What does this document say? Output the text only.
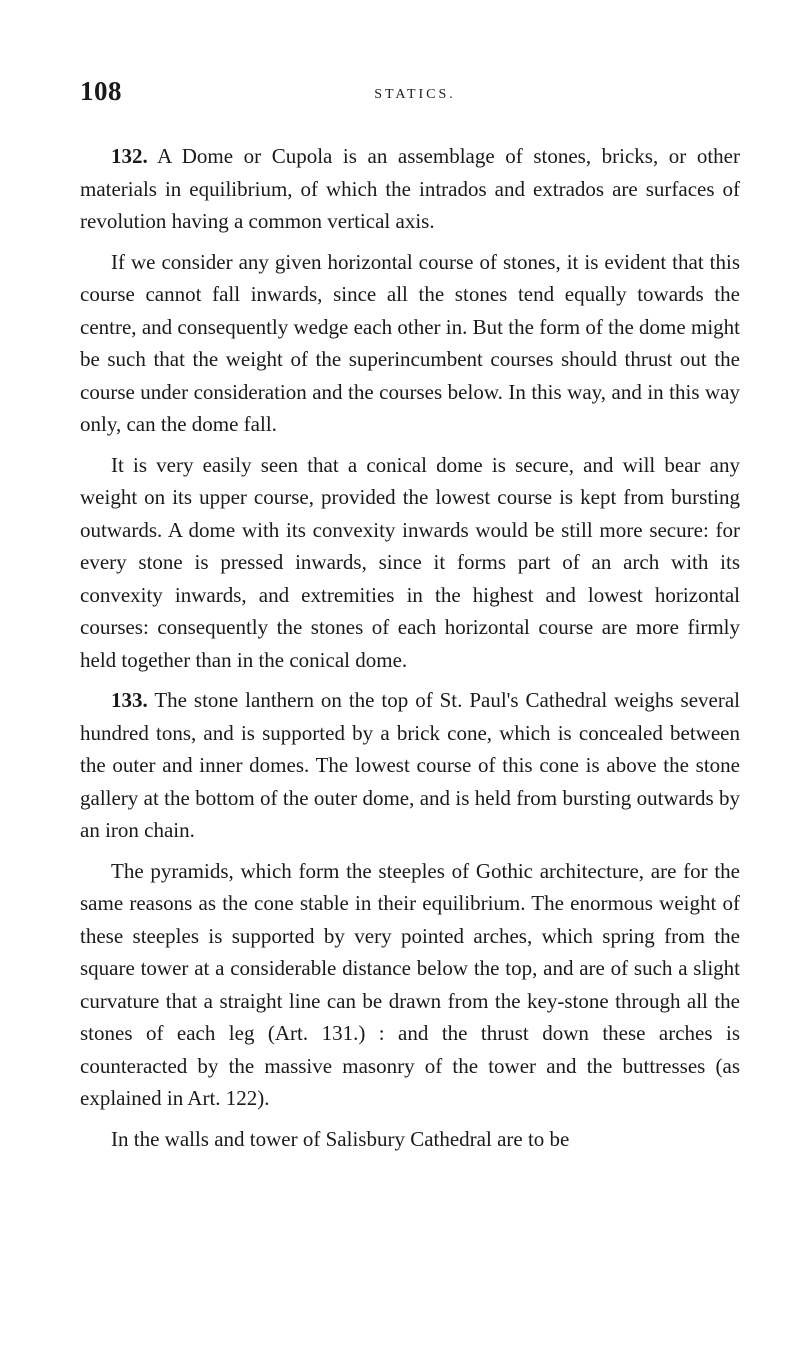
108	STATICS.

132. A Dome or Cupola is an assemblage of stones, bricks, or other materials in equilibrium, of which the intrados and extrados are surfaces of revolution having a common vertical axis.

If we consider any given horizontal course of stones, it is evident that this course cannot fall inwards, since all the stones tend equally towards the centre, and consequently wedge each other in. But the form of the dome might be such that the weight of the superincumbent courses should thrust out the course under consideration and the courses below. In this way, and in this way only, can the dome fall.

It is very easily seen that a conical dome is secure, and will bear any weight on its upper course, provided the lowest course is kept from bursting outwards. A dome with its convexity inwards would be still more secure: for every stone is pressed inwards, since it forms part of an arch with its convexity inwards, and extremities in the highest and lowest horizontal courses: consequently the stones of each horizontal course are more firmly held together than in the conical dome.

133. The stone lanthern on the top of St. Paul's Cathedral weighs several hundred tons, and is supported by a brick cone, which is concealed between the outer and inner domes. The lowest course of this cone is above the stone gallery at the bottom of the outer dome, and is held from bursting outwards by an iron chain.

The pyramids, which form the steeples of Gothic architecture, are for the same reasons as the cone stable in their equilibrium. The enormous weight of these steeples is supported by very pointed arches, which spring from the square tower at a considerable distance below the top, and are of such a slight curvature that a straight line can be drawn from the key-stone through all the stones of each leg (Art. 131.) : and the thrust down these arches is counteracted by the massive masonry of the tower and the buttresses (as explained in Art. 122).

In the walls and tower of Salisbury Cathedral are to be
